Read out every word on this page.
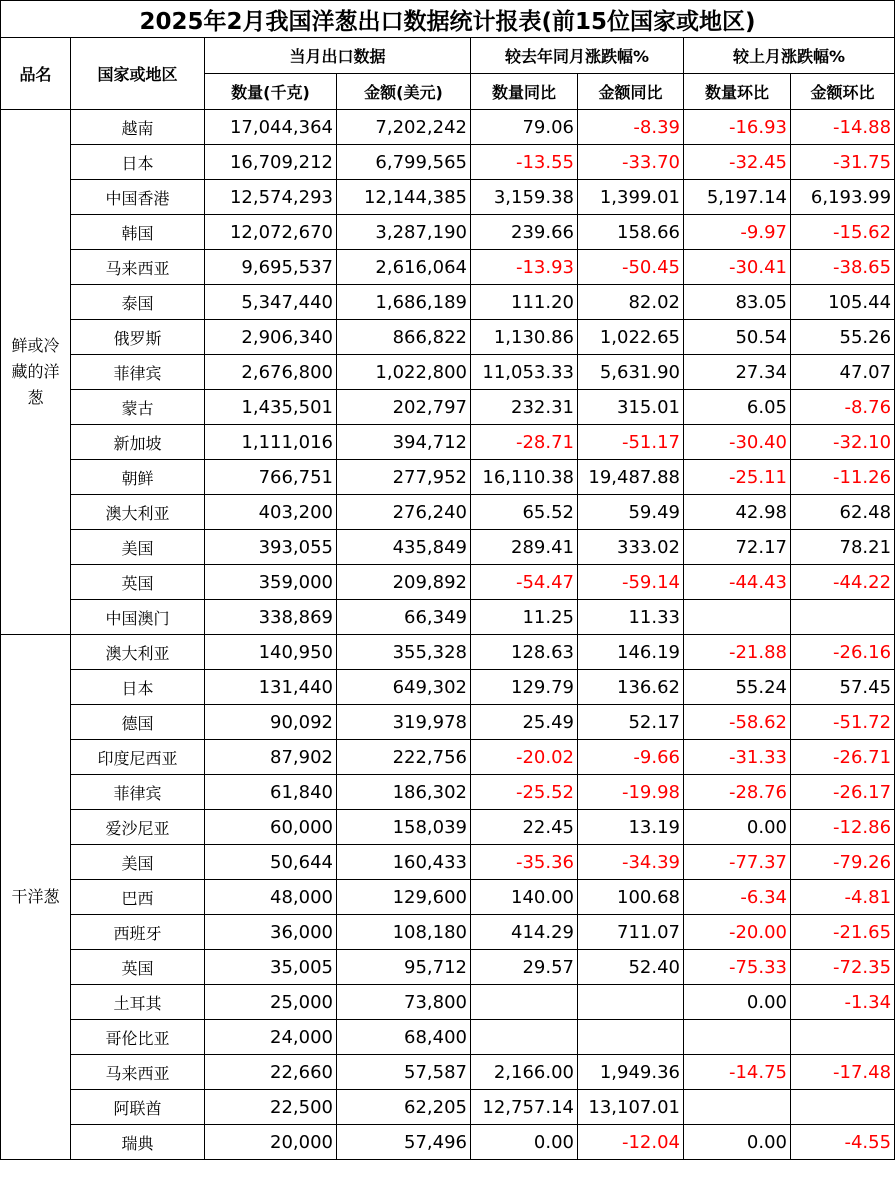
2025年2月我国洋葱出口数据统计报表(前15位国家或地区)							
品名	国家或地区	当月出口数据		较去年同月涨跌幅%		较上月涨跌幅%	
		数量(千克)	金额(美元)	数量同比	金额同比	数量环比	金额环比
鲜或冷藏的洋葱	越南	17,044,364	7,202,242	79.06	-8.39	-16.93	-14.88
	日本	16,709,212	6,799,565	-13.55	-33.70	-32.45	-31.75
	中国香港	12,574,293	12,144,385	3,159.38	1,399.01	5,197.14	6,193.99
	韩国	12,072,670	3,287,190	239.66	158.66	-9.97	-15.62
	马来西亚	9,695,537	2,616,064	-13.93	-50.45	-30.41	-38.65
	泰国	5,347,440	1,686,189	111.20	82.02	83.05	105.44
	俄罗斯	2,906,340	866,822	1,130.86	1,022.65	50.54	55.26
	菲律宾	2,676,800	1,022,800	11,053.33	5,631.90	27.34	47.07
	蒙古	1,435,501	202,797	232.31	315.01	6.05	-8.76
	新加坡	1,111,016	394,712	-28.71	-51.17	-30.40	-32.10
	朝鲜	766,751	277,952	16,110.38	19,487.88	-25.11	-11.26
	澳大利亚	403,200	276,240	65.52	59.49	42.98	62.48
	美国	393,055	435,849	289.41	333.02	72.17	78.21
	英国	359,000	209,892	-54.47	-59.14	-44.43	-44.22
	中国澳门	338,869	66,349	11.25	11.33		
干洋葱	澳大利亚	140,950	355,328	128.63	146.19	-21.88	-26.16
	日本	131,440	649,302	129.79	136.62	55.24	57.45
	德国	90,092	319,978	25.49	52.17	-58.62	-51.72
	印度尼西亚	87,902	222,756	-20.02	-9.66	-31.33	-26.71
	菲律宾	61,840	186,302	-25.52	-19.98	-28.76	-26.17
	爱沙尼亚	60,000	158,039	22.45	13.19	0.00	-12.86
	美国	50,644	160,433	-35.36	-34.39	-77.37	-79.26
	巴西	48,000	129,600	140.00	100.68	-6.34	-4.81
	西班牙	36,000	108,180	414.29	711.07	-20.00	-21.65
	英国	35,005	95,712	29.57	52.40	-75.33	-72.35
	土耳其	25,000	73,800			0.00	-1.34
	哥伦比亚	24,000	68,400				
	马来西亚	22,660	57,587	2,166.00	1,949.36	-14.75	-17.48
	阿联酋	22,500	62,205	12,757.14	13,107.01		
	瑞典	20,000	57,496	0.00	-12.04	0.00	-4.55
